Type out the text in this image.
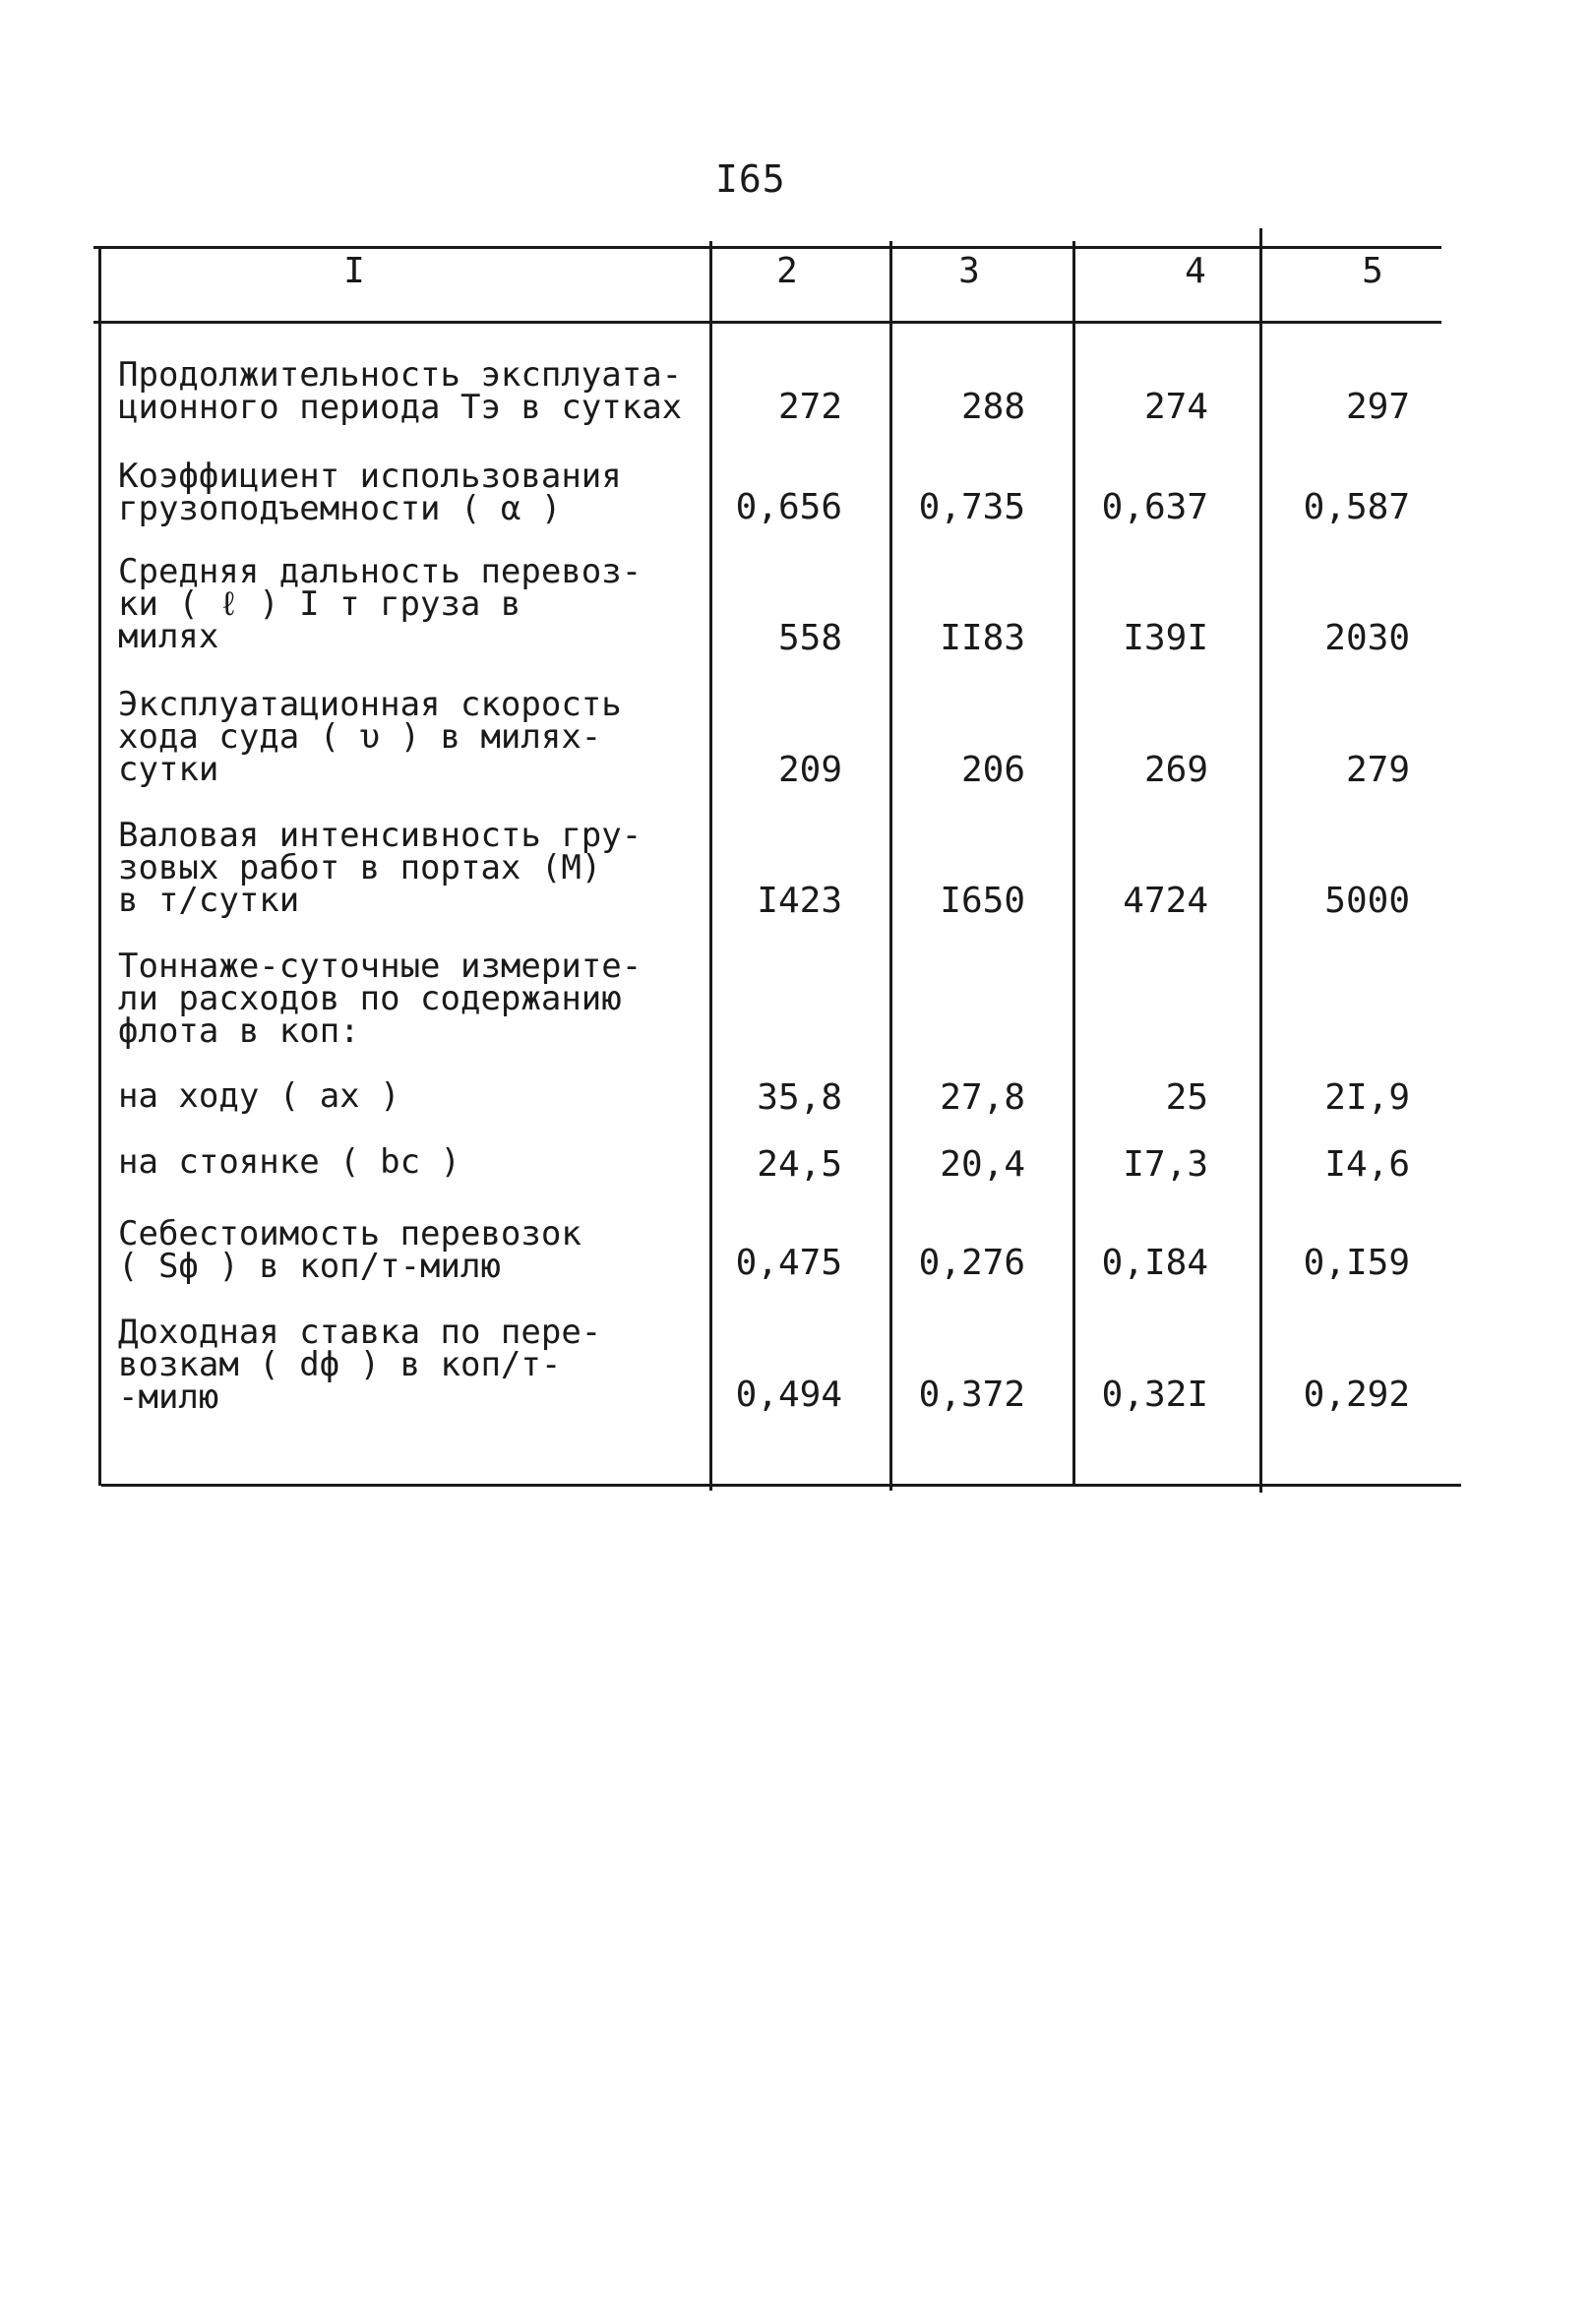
I65
I	2	3	4	5
Продолжительность эксплуата-
ционного периода Tэ в сутках	272	288	274	297
Коэффициент использования
грузоподъемности ( α )	0,656	0,735	0,637	0,587
Средняя дальность перевоз-
ки ( ℓ ) I т груза в
милях	558	II83	I39I	2030
Эксплуатационная скорость
хода суда ( υ ) в милях-
сутки	209	206	269	279
Валовая интенсивность гру-
зовых работ в портах (M)
в т/сутки	I423	I650	4724	5000
Тоннаже-суточные измерите-
ли расходов по содержанию
флота в коп:
на ходу ( aх )	35,8	27,8	25	2I,9
на стоянке ( bс )	24,5	20,4	I7,3	I4,6
Себестоимость перевозок
( Sф ) в коп/т-милю	0,475	0,276	0,I84	0,I59
Доходная ставка по пере-
возкам ( dф ) в коп/т-
-милю	0,494	0,372	0,32I	0,292
